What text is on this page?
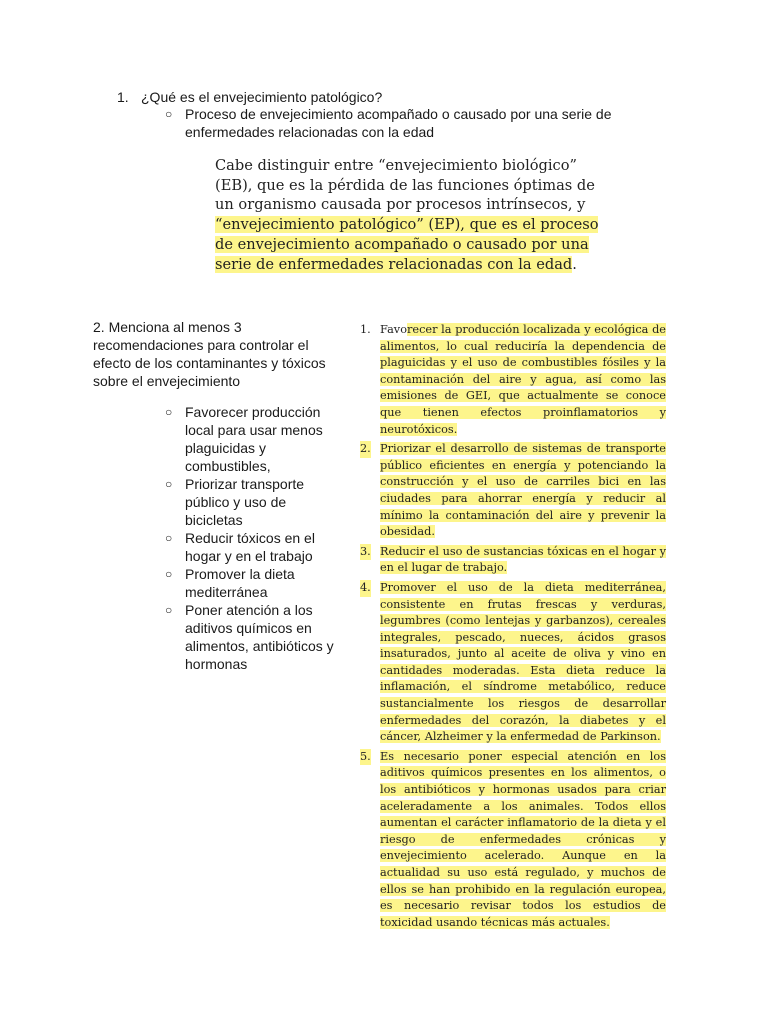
1. ¿Qué es el envejecimiento patológico?
○ Proceso de envejecimiento acompañado o causado por una serie de enfermedades relacionadas con la edad
Cabe distinguir entre “envejecimiento biológico” (EB), que es la pérdida de las funciones óptimas de un organismo causada por procesos intrínsecos, y “envejecimiento patológico” (EP), que es el proceso de envejecimiento acompañado o causado por una serie de enfermedades relacionadas con la edad.
2. Menciona al menos 3 recomendaciones para controlar el efecto de los contaminantes y tóxicos sobre el envejecimiento
○ Favorecer producción local para usar menos plaguicidas y combustibles,
○ Priorizar transporte público y uso de bicicletas
○ Reducir tóxicos en el hogar y en el trabajo
○ Promover la dieta mediterránea
○ Poner atención a los aditivos químicos en alimentos, antibióticos y hormonas
1. Favorecer la producción localizada y ecológica de alimentos, lo cual reduciría la dependencia de plaguicidas y el uso de combustibles fósiles y la contaminación del aire y agua, así como las emisiones de GEI, que actualmente se conoce que tienen efectos proinflamatorios y neurotóxicos.
2. Priorizar el desarrollo de sistemas de transporte público eficientes en energía y potenciando la construcción y el uso de carriles bici en las ciudades para ahorrar energía y reducir al mínimo la contaminación del aire y prevenir la obesidad.
3. Reducir el uso de sustancias tóxicas en el hogar y en el lugar de trabajo.
4. Promover el uso de la dieta mediterránea, consistente en frutas frescas y verduras, legumbres (como lentejas y garbanzos), cereales integrales, pescado, nueces, ácidos grasos insaturados, junto al aceite de oliva y vino en cantidades moderadas. Esta dieta reduce la inflamación, el síndrome metabólico, reduce sustancialmente los riesgos de desarrollar enfermedades del corazón, la diabetes y el cáncer, Alzheimer y la enfermedad de Parkinson.
5. Es necesario poner especial atención en los aditivos químicos presentes en los alimentos, o los antibióticos y hormonas usados para criar aceleradamente a los animales. Todos ellos aumentan el carácter inflamatorio de la dieta y el riesgo de enfermedades crónicas y envejecimiento acelerado. Aunque en la actualidad su uso está regulado, y muchos de ellos se han prohibido en la regulación europea, es necesario revisar todos los estudios de toxicidad usando técnicas más actuales.
